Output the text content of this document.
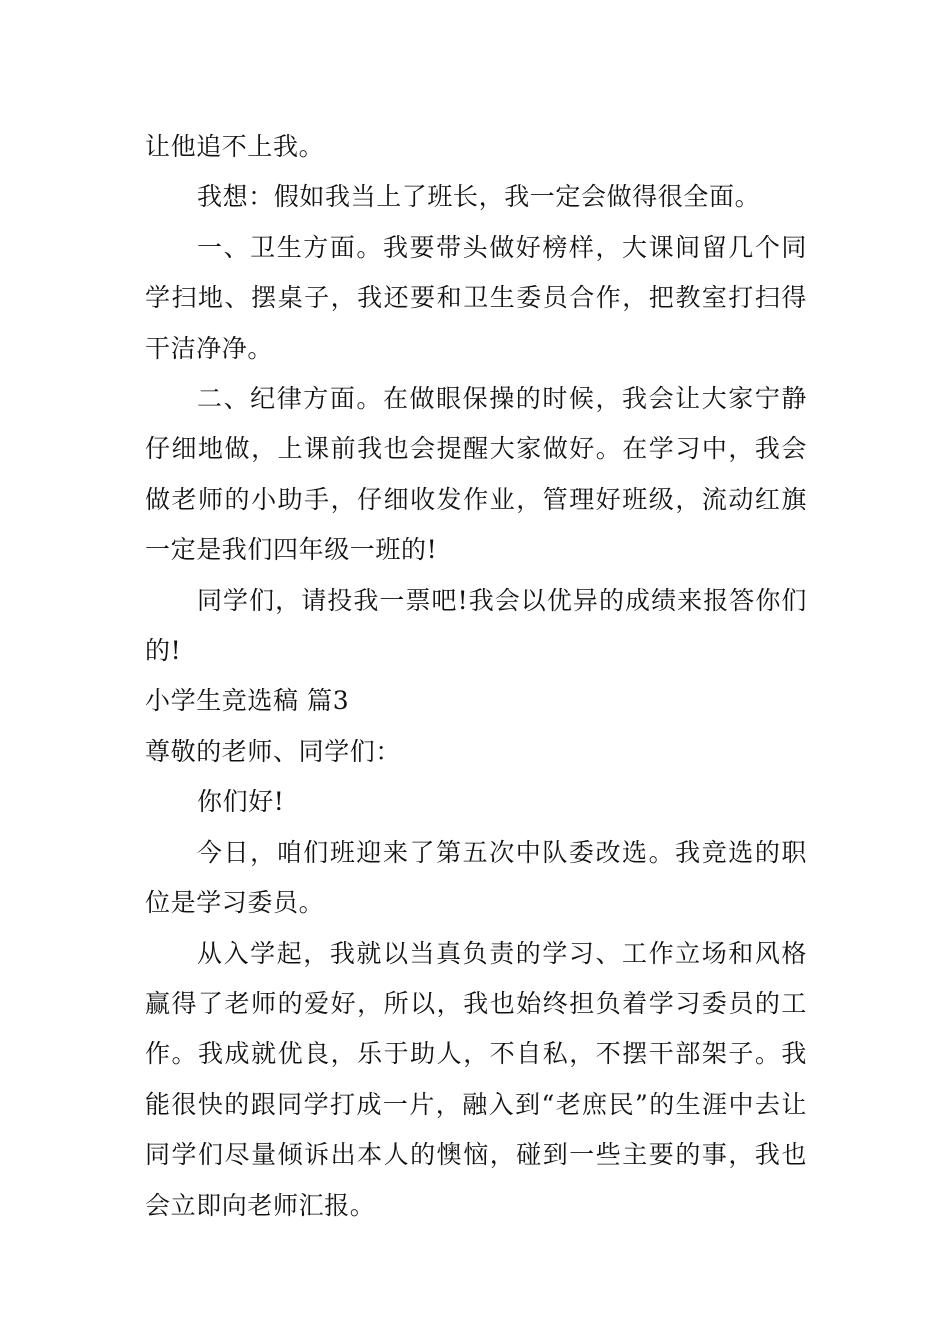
让他追不上我。

我想：假如我当上了班长，我一定会做得很全面。

一、卫生方面。我要带头做好榜样，大课间留几个同学扫地、摆桌子，我还要和卫生委员合作，把教室打扫得干洁净净。

二、纪律方面。在做眼保操的时候，我会让大家宁静仔细地做，上课前我也会提醒大家做好。在学习中，我会做老师的小助手，仔细收发作业，管理好班级，流动红旗一定是我们四年级一班的!

同学们，请投我一票吧!我会以优异的成绩来报答你们的!

小学生竞选稿 篇3

尊敬的老师、同学们：

你们好!

今日，咱们班迎来了第五次中队委改选。我竞选的职位是学习委员。

从入学起，我就以当真负责的学习、工作立场和风格赢得了老师的爱好，所以，我也始终担负着学习委员的工作。我成就优良，乐于助人，不自私，不摆干部架子。我能很快的跟同学打成一片，融入到“老庶民”的生涯中去让同学们尽量倾诉出本人的懊恼，碰到一些主要的事，我也会立即向老师汇报。
